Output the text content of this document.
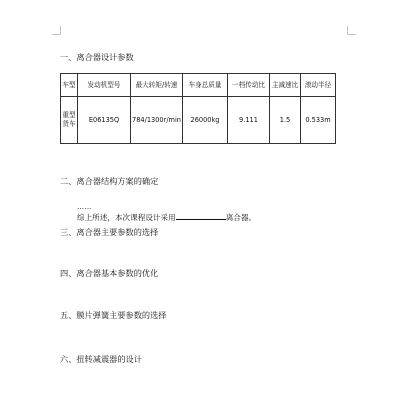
一、离合器设计参数
车型	发动机型号	最大转矩/转速	车身总质量	一档传动比	主减速比	滚动半径
重型货车	E06135Q	784/1300r/min	26000kg	9.111	1.5	0.533m
二、离合器结构方案的确定
……
综上所述，本次课程设计采用	离合器。
三、离合器主要参数的选择
四、离合器基本参数的优化
五、膜片弹簧主要参数的选择
六、扭转减震器的设计
